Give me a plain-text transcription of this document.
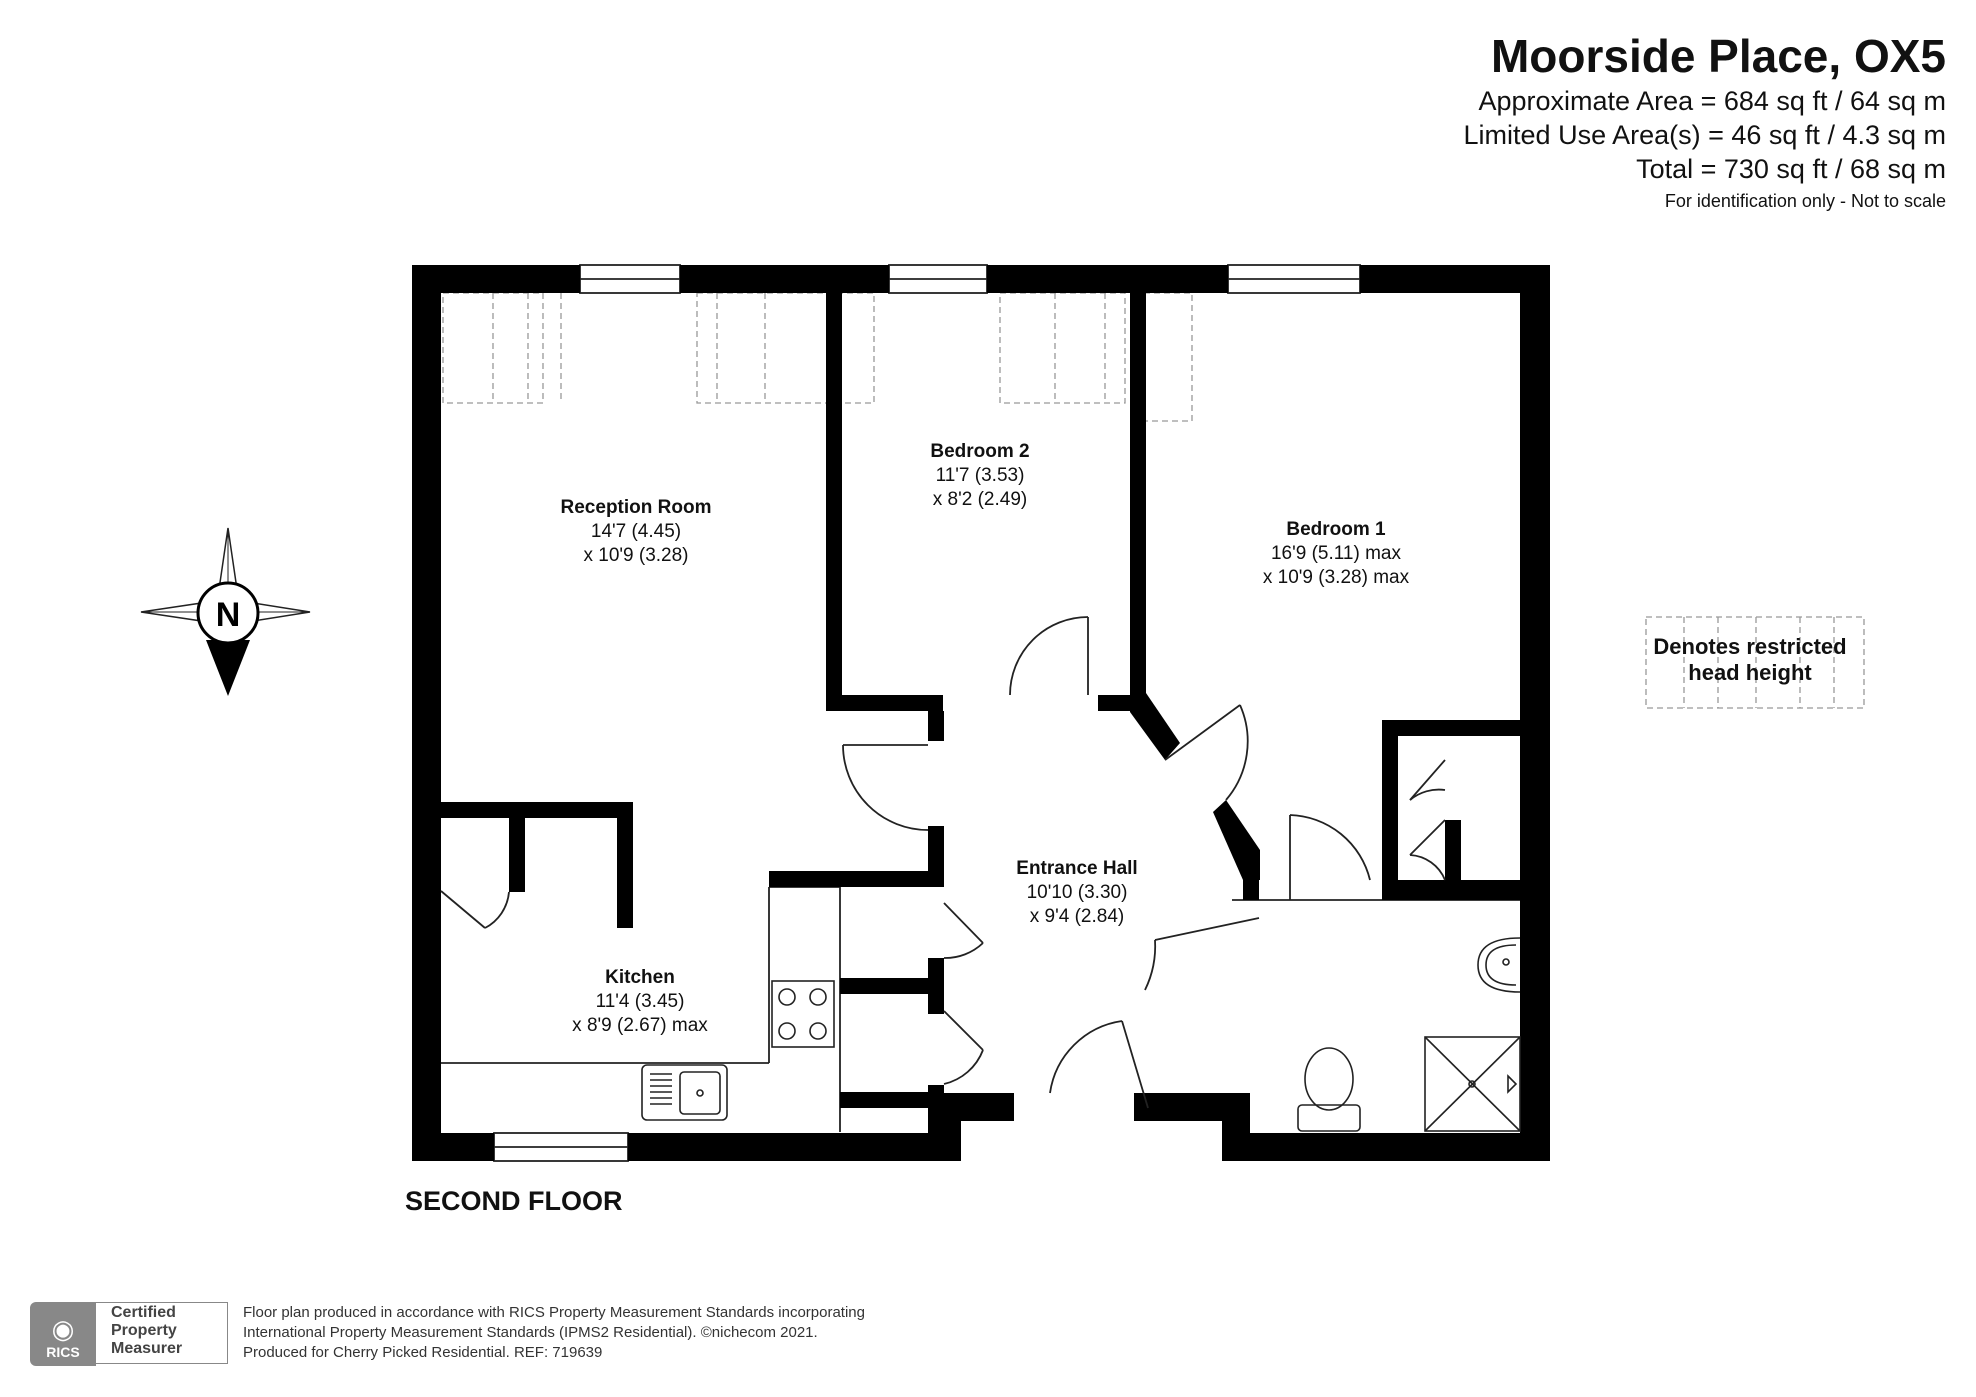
Moorside Place, OX5
Approximate Area = 684 sq ft / 64 sq m
Limited Use Area(s) = 46 sq ft / 4.3 sq m
Total = 730 sq ft / 68 sq m
For identification only - Not to scale
N
Reception Room
14'7 (4.45)
x 10'9 (3.28)
Bedroom 2
11'7 (3.53)
x 8'2 (2.49)
Bedroom 1
16'9 (5.11) max
x 10'9 (3.28) max
Entrance Hall
10'10 (3.30)
x 9'4 (2.84)
Kitchen
11'4 (3.45)
x 8'9 (2.67) max
Denotes restricted
head height
SECOND FLOOR
◉
RICS
Certified
Property
Measurer
Floor plan produced in accordance with RICS Property Measurement Standards incorporating
International Property Measurement Standards (IPMS2 Residential). ©nichecom 2021.
Produced for Cherry Picked Residential. REF: 719639
